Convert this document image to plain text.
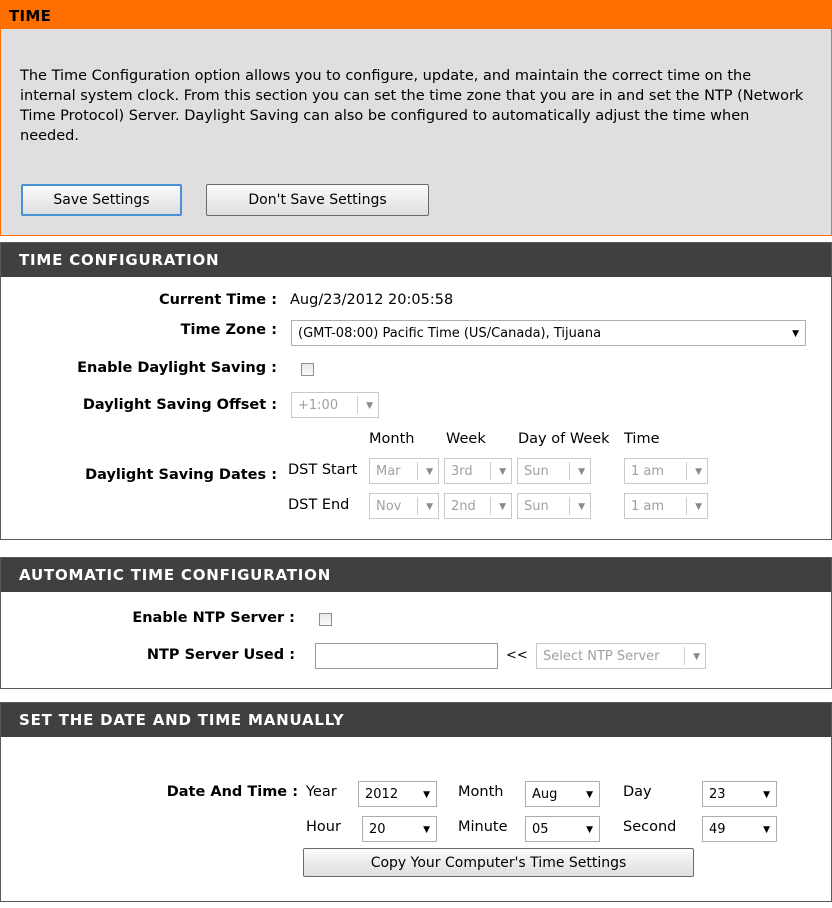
TIME
The Time Configuration option allows you to configure, update, and maintain the correct time on the internal system clock. From this section you can set the time zone that you are in and set the NTP (Network Time Protocol) Server. Daylight Saving can also be configured to automatically adjust the time when needed.
Save Settings	Don't Save Settings
TIME CONFIGURATION
Current Time : Aug/23/2012 20:05:58
Time Zone : (GMT-08:00) Pacific Time (US/Canada), Tijuana	▼
Enable Daylight Saving :
Daylight Saving Offset : +1:00	▼
Month Week Day of Week Time
Daylight Saving Dates : DST Start Mar	▼ 3rd	▼ Sun	▼	1 am	▼
DST End Nov	▼ 2nd	▼ Sun	▼	1 am	▼
AUTOMATIC TIME CONFIGURATION
Enable NTP Server :
NTP Server Used :	<< Select NTP Server	▼
SET THE DATE AND TIME MANUALLY
Date And Time : Year 2012	▼ Month Aug	▼ Day	23	▼
Hour 20	▼ Minute 05	▼ Second	49	▼
Copy Your Computer's Time Settings
